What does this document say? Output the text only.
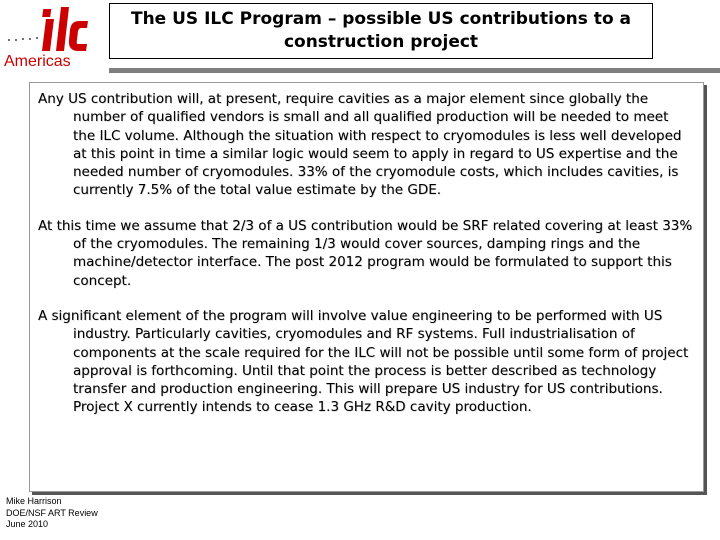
Americas
The US ILC Program – possible US contributions to a construction project

Any US contribution will, at present, require cavities as a major element since globally the number of qualified vendors is small and all qualified production will be needed to meet the ILC volume. Although the situation with respect to cryomodules is less well developed at this point in time a similar logic would seem to apply in regard to US expertise and the needed number of cryomodules. 33% of the cryomodule costs, which includes cavities, is currently 7.5% of the total value estimate by the GDE.

At this time we assume that 2/3 of a US contribution would be SRF related covering at least 33% of the cryomodules. The remaining 1/3 would cover sources, damping rings and the machine/detector interface. The post 2012 program would be formulated to support this concept.

A significant element of the program will involve value engineering to be performed with US industry. Particularly cavities, cryomodules and RF systems. Full industrialisation of components at the scale required for the ILC will not be possible until some form of project approval is forthcoming. Until that point the process is better described as technology transfer and production engineering. This will prepare US industry for US contributions. Project X currently intends to cease 1.3 GHz R&D cavity production.

Mike Harrison
DOE/NSF ART Review
June 2010
